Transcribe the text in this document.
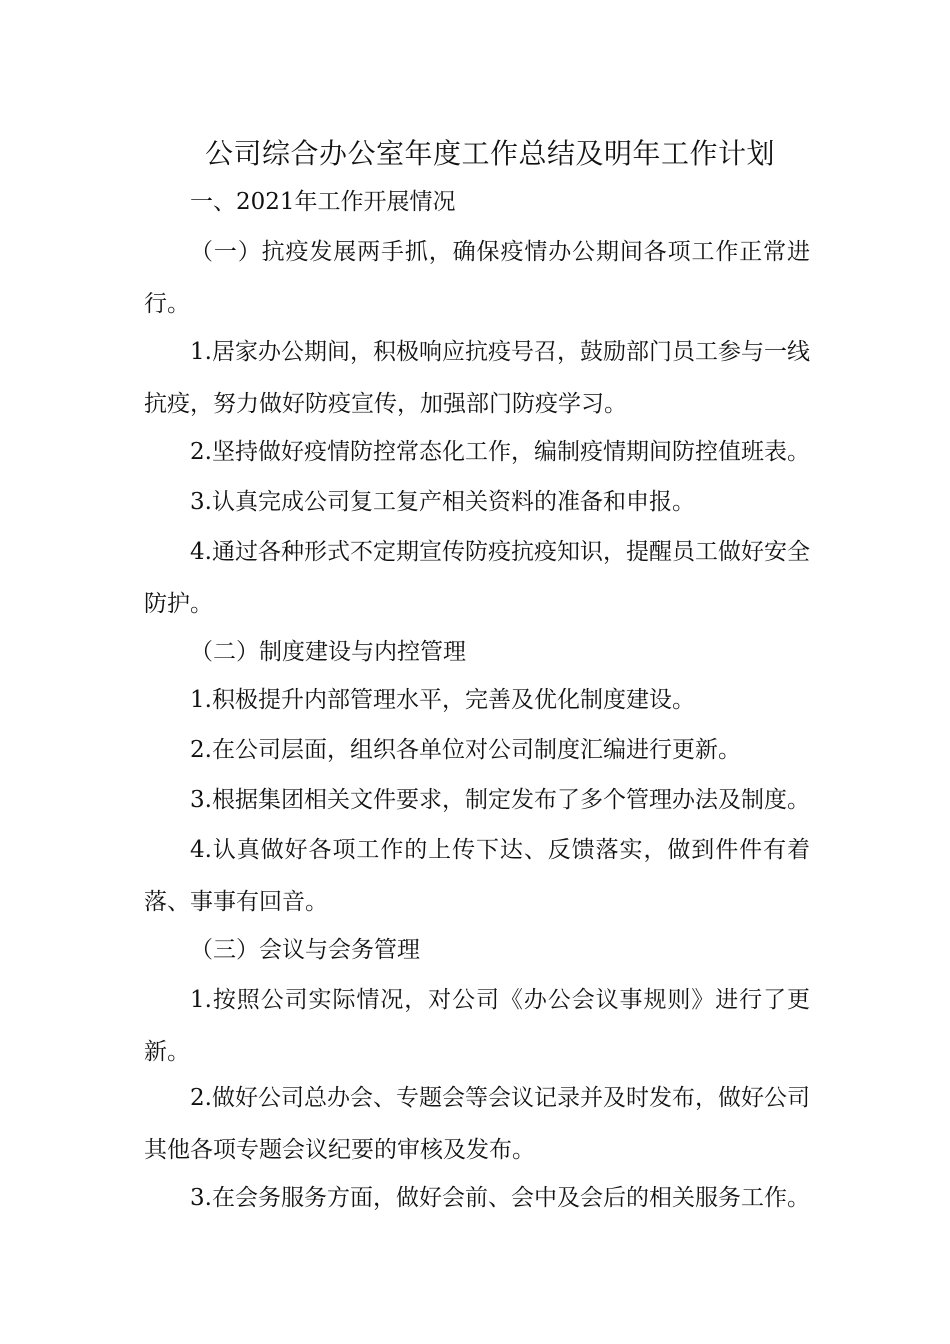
公司综合办公室年度工作总结及明年工作计划
一、2021年工作开展情况
（一）抗疫发展两手抓，确保疫情办公期间各项工作正常进行。
1.居家办公期间，积极响应抗疫号召，鼓励部门员工参与一线抗疫，努力做好防疫宣传，加强部门防疫学习。
2.坚持做好疫情防控常态化工作，编制疫情期间防控值班表。
3.认真完成公司复工复产相关资料的准备和申报。
4.通过各种形式不定期宣传防疫抗疫知识，提醒员工做好安全防护。
（二）制度建设与内控管理
1.积极提升内部管理水平，完善及优化制度建设。
2.在公司层面，组织各单位对公司制度汇编进行更新。
3.根据集团相关文件要求，制定发布了多个管理办法及制度。
4.认真做好各项工作的上传下达、反馈落实，做到件件有着落、事事有回音。
（三）会议与会务管理
1.按照公司实际情况，对公司《办公会议事规则》进行了更新。
2.做好公司总办会、专题会等会议记录并及时发布，做好公司其他各项专题会议纪要的审核及发布。
3.在会务服务方面，做好会前、会中及会后的相关服务工作。
